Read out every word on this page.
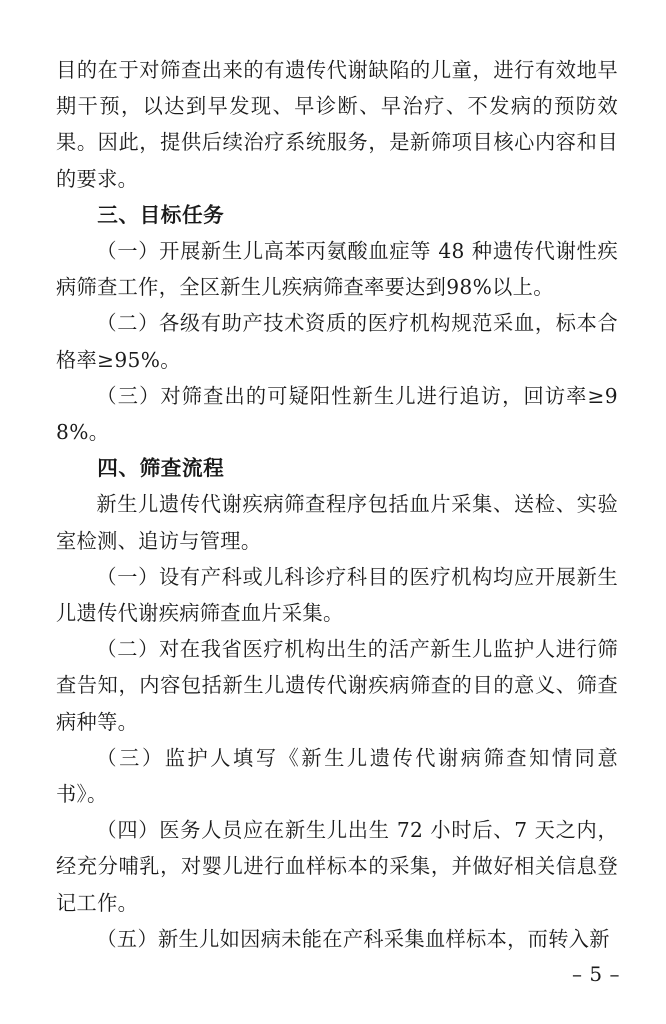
目的在于对筛查出来的有遗传代谢缺陷的儿童，进行有效地早期干预，以达到早发现、早诊断、早治疗、不发病的预防效果。因此，提供后续治疗系统服务，是新筛项目核心内容和目的要求。

三、目标任务

（一）开展新生儿高苯丙氨酸血症等 48 种遗传代谢性疾病筛查工作，全区新生儿疾病筛查率要达到98%以上。

（二）各级有助产技术资质的医疗机构规范采血，标本合格率≥95%。

（三）对筛查出的可疑阳性新生儿进行追访，回访率≥98%。

四、筛查流程

新生儿遗传代谢疾病筛查程序包括血片采集、送检、实验室检测、追访与管理。

（一）设有产科或儿科诊疗科目的医疗机构均应开展新生儿遗传代谢疾病筛查血片采集。

（二）对在我省医疗机构出生的活产新生儿监护人进行筛查告知，内容包括新生儿遗传代谢疾病筛查的目的意义、筛查病种等。

（三）监护人填写《新生儿遗传代谢病筛查知情同意书》。

（四）医务人员应在新生儿出生 72 小时后、7 天之内，经充分哺乳，对婴儿进行血样标本的采集，并做好相关信息登记工作。

（五）新生儿如因病未能在产科采集血样标本，而转入新

– 5 –
